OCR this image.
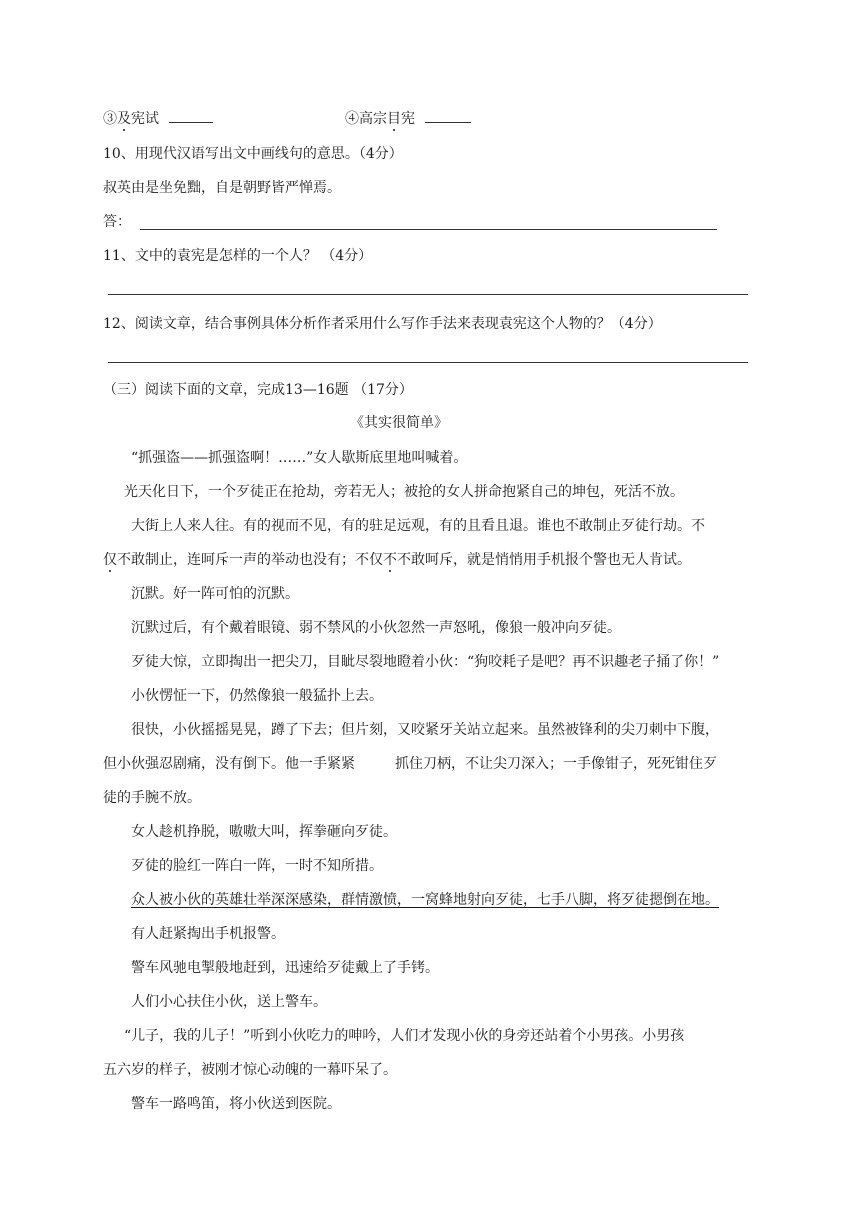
③及宪试	④高宗目宪
10、用现代汉语写出文中画线句的意思。（4分）
叔英由是坐免黜，自是朝野皆严惮焉。
答：
11、文中的袁宪是怎样的一个人？ （4分）
12、阅读文章，结合事例具体分析作者采用什么写作手法来表现袁宪这个人物的？（4分）
（三）阅读下面的文章，完成13—16题 （17分）
《其实很简单》
“抓强盗——抓强盗啊！……”女人歇斯底里地叫喊着。
光天化日下，一个歹徒正在抢劫，旁若无人；被抢的女人拼命抱紧自己的坤包，死活不放。
大街上人来人往。有的视而不见，有的驻足远观，有的且看且退。谁也不敢制止歹徒行劫。不
仅不敢制止，连呵斥一声的举动也没有；不仅不不敢呵斥，就是悄悄用手机报个警也无人肯试。
沉默。好一阵可怕的沉默。
沉默过后，有个戴着眼镜、弱不禁风的小伙忽然一声怒吼，像狼一般冲向歹徒。
歹徒大惊，立即掏出一把尖刀，目眦尽裂地瞪着小伙：“狗咬耗子是吧？再不识趣老子捅了你！”
小伙愣怔一下，仍然像狼一般猛扑上去。
很快，小伙摇摇晃晃，蹲了下去；但片刻，又咬紧牙关站立起来。虽然被锋利的尖刀刺中下腹，
但小伙强忍剧痛，没有倒下。他一手紧紧	抓住刀柄，不让尖刀深入；一手像钳子，死死钳住歹
徒的手腕不放。
女人趁机挣脱，嗷嗷大叫，挥拳砸向歹徒。
歹徒的脸红一阵白一阵，一时不知所措。
众人被小伙的英雄壮举深深感染，群情激愤，一窝蜂地射向歹徒，七手八脚，将歹徒摁倒在地。
有人赶紧掏出手机报警。
警车风驰电掣般地赶到，迅速给歹徒戴上了手铐。
人们小心扶住小伙，送上警车。
“儿子，我的儿子！”听到小伙吃力的呻吟，人们才发现小伙的身旁还站着个小男孩。小男孩
五六岁的样子，被刚才惊心动魄的一幕吓呆了。
警车一路鸣笛，将小伙送到医院。
